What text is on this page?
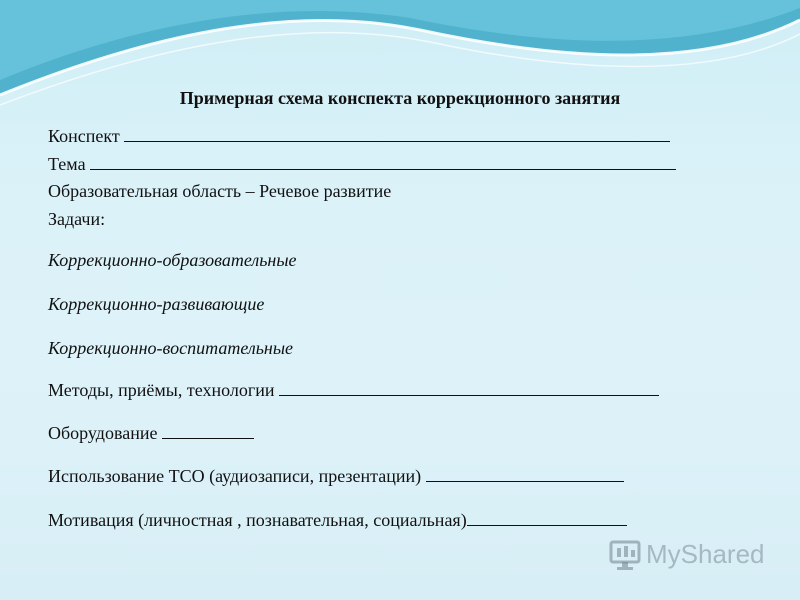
Примерная схема конспекта коррекционного занятия
Конспект
Тема
Образовательная область – Речевое развитие
Задачи:
Коррекционно-образовательные
Коррекционно-развивающие
Коррекционно-воспитательные
Методы, приёмы, технологии
Оборудование
Использование ТСО (аудиозаписи, презентации)
Мотивация (личностная , познавательная, социальная)
MyShared
